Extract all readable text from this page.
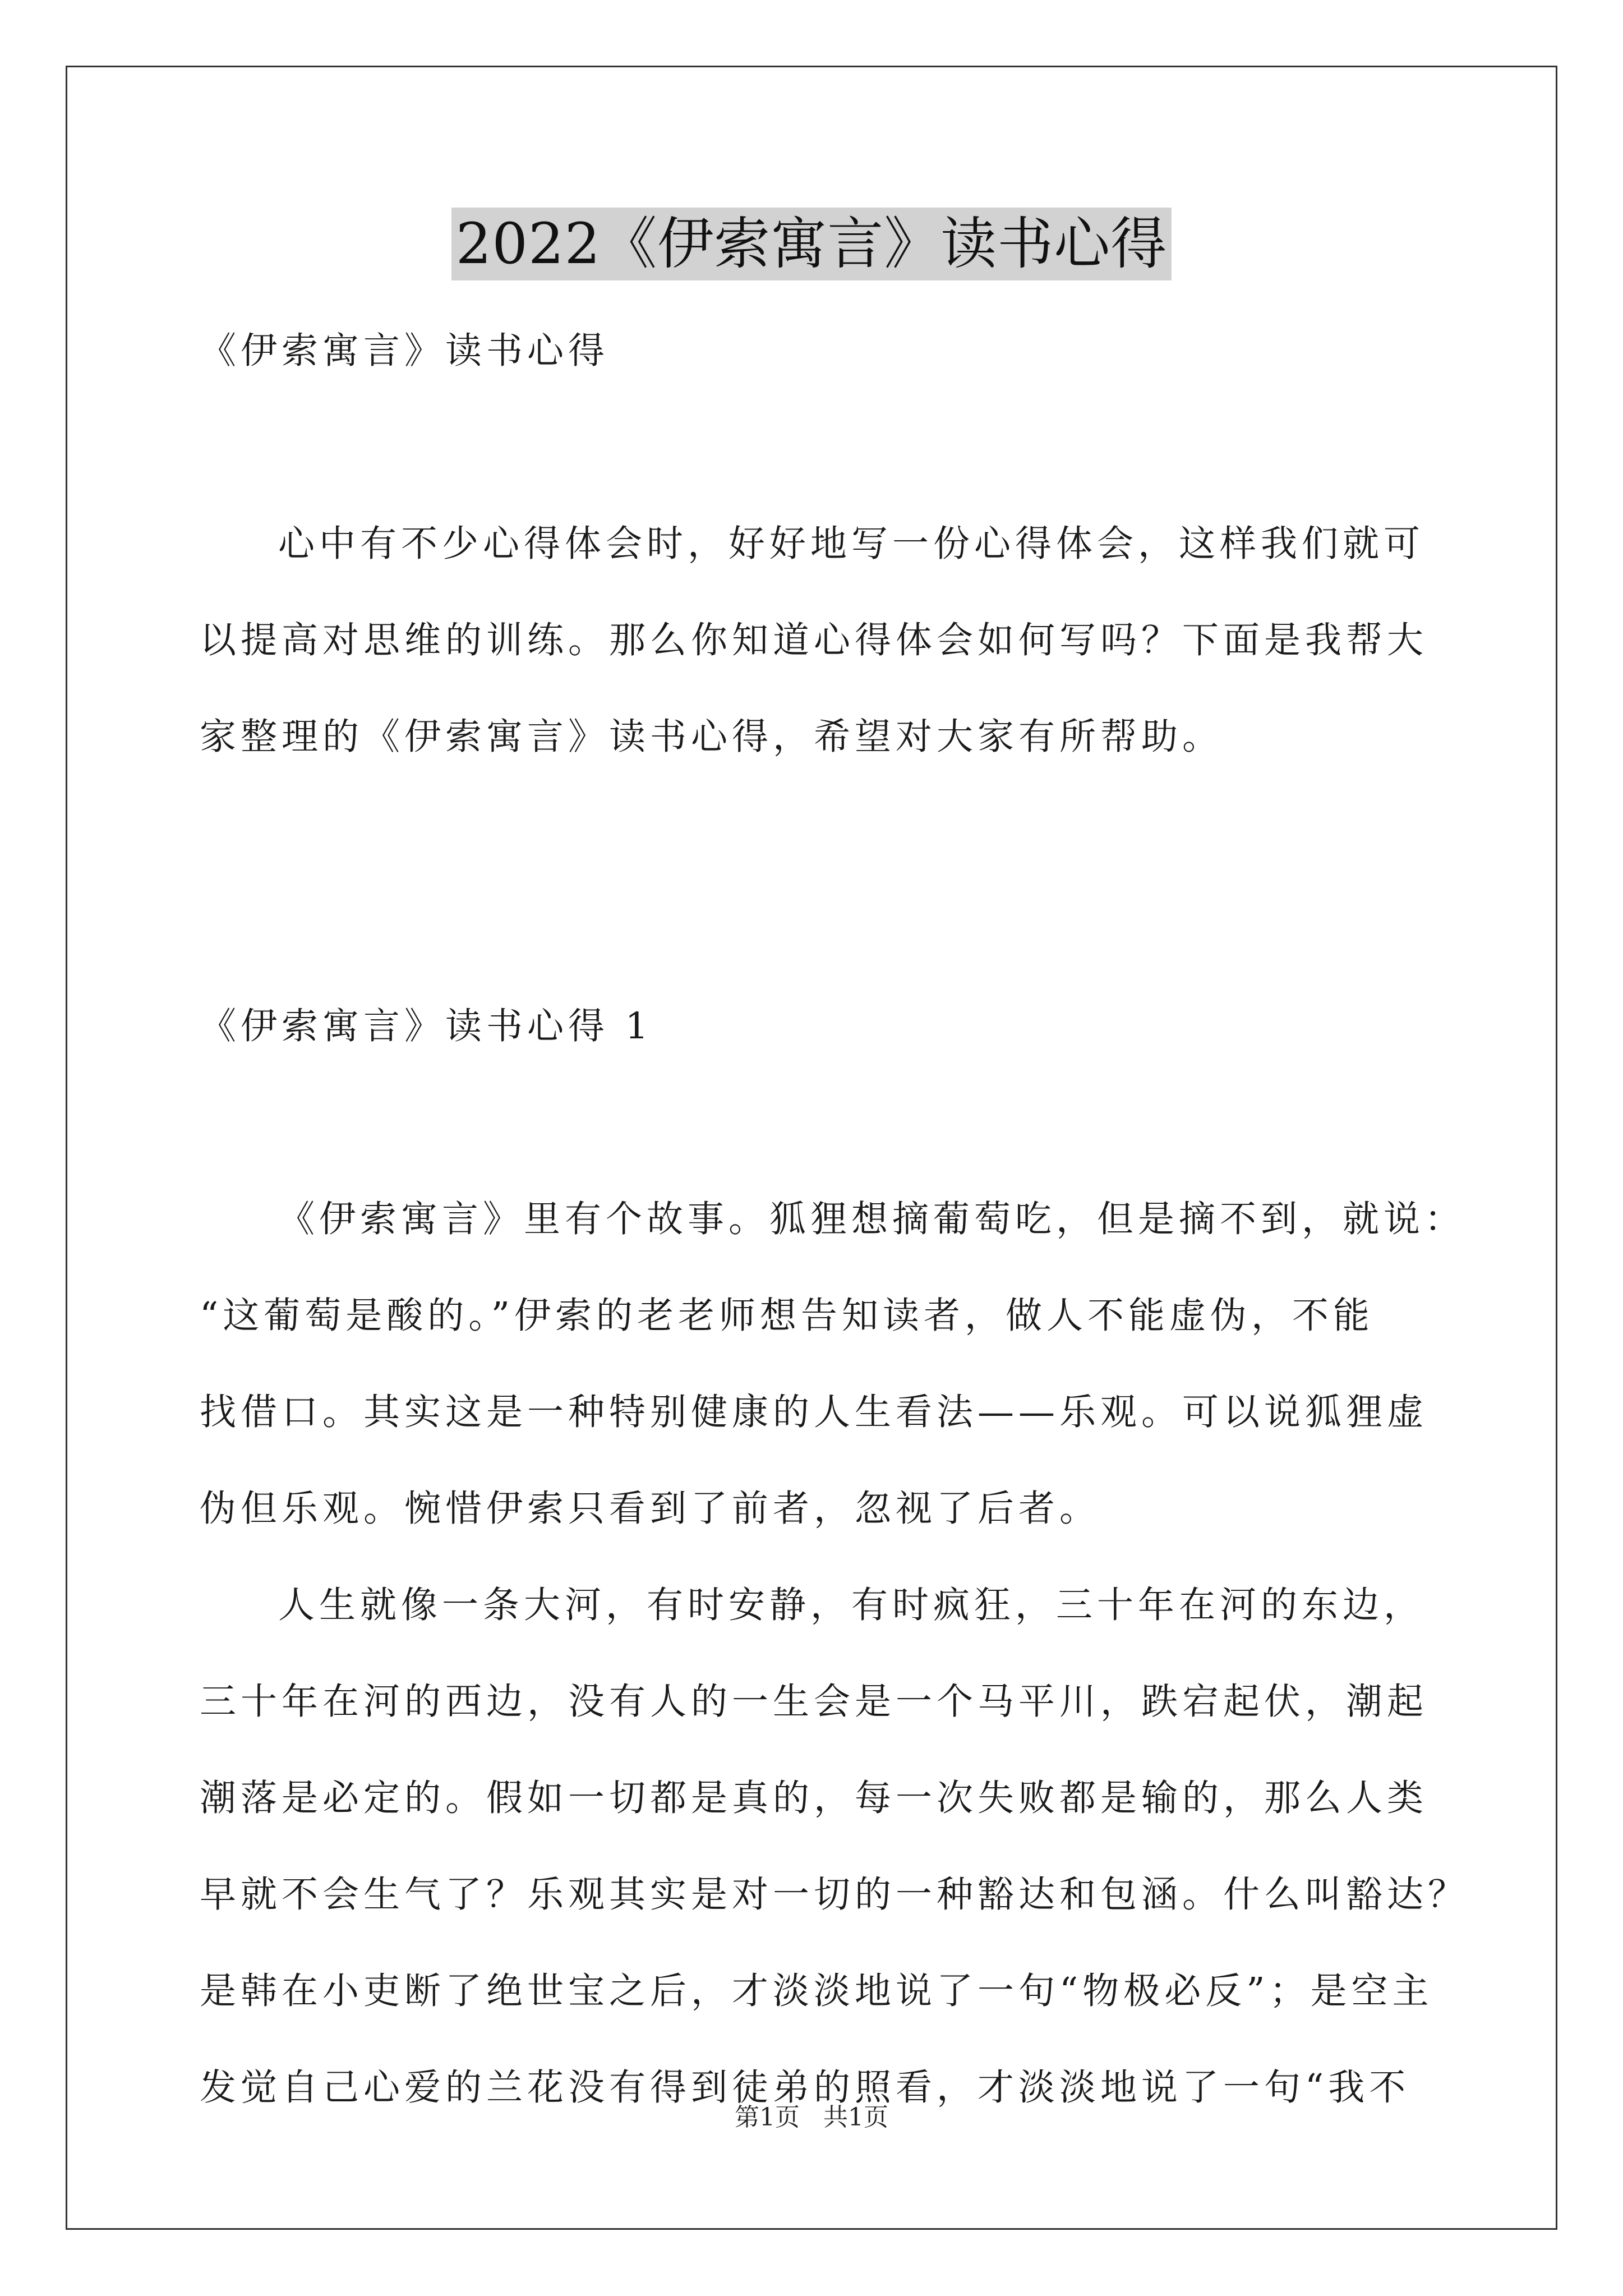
2022《伊索寓言》读书心得
《伊索寓言》读书心得
心中有不少心得体会时，好好地写一份心得体会，这样我们就可
以提高对思维的训练。那么你知道心得体会如何写吗？下面是我帮大
家整理的《伊索寓言》读书心得，希望对大家有所帮助。
《伊索寓言》读书心得 1
《伊索寓言》里有个故事。狐狸想摘葡萄吃，但是摘不到，就说：
“这葡萄是酸的。”伊索的老老师想告知读者，做人不能虚伪，不能
找借口。其实这是一种特别健康的人生看法——乐观。可以说狐狸虚
伪但乐观。惋惜伊索只看到了前者，忽视了后者。
人生就像一条大河，有时安静，有时疯狂，三十年在河的东边，
三十年在河的西边，没有人的一生会是一个马平川，跌宕起伏，潮起
潮落是必定的。假如一切都是真的，每一次失败都是输的，那么人类
早就不会生气了？乐观其实是对一切的一种豁达和包涵。什么叫豁达？
是韩在小吏断了绝世宝之后，才淡淡地说了一句“物极必反”；是空主
发觉自己心爱的兰花没有得到徒弟的照看，才淡淡地说了一句“我不
第1页   共1页
